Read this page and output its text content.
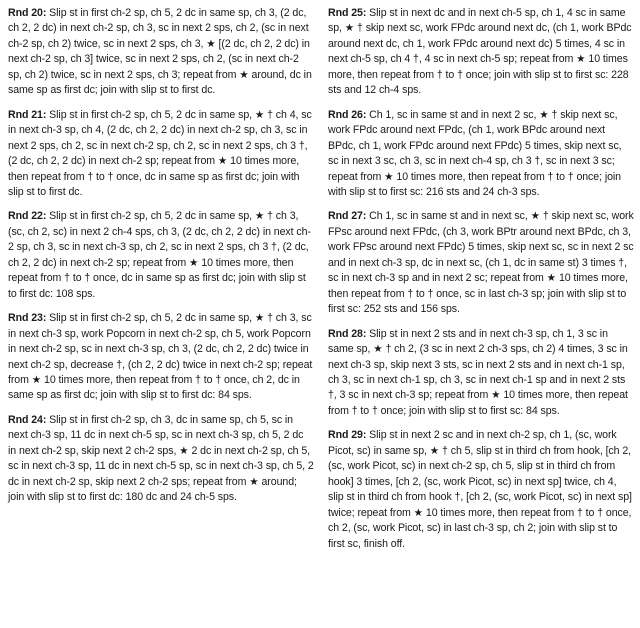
Rnd 20: Slip st in first ch-2 sp, ch 5, 2 dc in same sp, ch 3, (2 dc, ch 2, 2 dc) in next ch-2 sp, ch 3, sc in next 2 sps, ch 2, (sc in next ch-2 sp, ch 2) twice, sc in next 2 sps, ch 3, ★ [(2 dc, ch 2, 2 dc) in next ch-2 sp, ch 3] twice, sc in next 2 sps, ch 2, (sc in next ch-2 sp, ch 2) twice, sc in next 2 sps, ch 3; repeat from ★ around, dc in same sp as first dc; join with slip st to first dc.

Rnd 21: Slip st in first ch-2 sp, ch 5, 2 dc in same sp, ★ † ch 4, sc in next ch-3 sp, ch 4, (2 dc, ch 2, 2 dc) in next ch-2 sp, ch 3, sc in next 2 sps, ch 2, sc in next ch-2 sp, ch 2, sc in next 2 sps, ch 3 †, (2 dc, ch 2, 2 dc) in next ch-2 sp; repeat from ★ 10 times more, then repeat from † to † once, dc in same sp as first dc; join with slip st to first dc.

Rnd 22: Slip st in first ch-2 sp, ch 5, 2 dc in same sp, ★ † ch 3, (sc, ch 2, sc) in next 2 ch-4 sps, ch 3, (2 dc, ch 2, 2 dc) in next ch-2 sp, ch 3, sc in next ch-3 sp, ch 2, sc in next 2 sps, ch 3 †, (2 dc, ch 2, 2 dc) in next ch-2 sp; repeat from ★ 10 times more, then repeat from † to † once, dc in same sp as first dc; join with slip st to first dc: 108 sps.

Rnd 23: Slip st in first ch-2 sp, ch 5, 2 dc in same sp, ★ † ch 3, sc in next ch-3 sp, work Popcorn in next ch-2 sp, ch 5, work Popcorn in next ch-2 sp, sc in next ch-3 sp, ch 3, (2 dc, ch 2, 2 dc) twice in next ch-2 sp, decrease †, (ch 2, 2 dc) twice in next ch-2 sp; repeat from ★ 10 times more, then repeat from † to † once, ch 2, dc in same sp as first dc; join with slip st to first dc: 84 sps.

Rnd 24: Slip st in first ch-2 sp, ch 3, dc in same sp, ch 5, sc in next ch-3 sp, 11 dc in next ch-5 sp, sc in next ch-3 sp, ch 5, 2 dc in next ch-2 sp, skip next 2 ch-2 sps, ★ 2 dc in next ch-2 sp, ch 5, sc in next ch-3 sp, 11 dc in next ch-5 sp, sc in next ch-3 sp, ch 5, 2 dc in next ch-2 sp, skip next 2 ch-2 sps; repeat from ★ around; join with slip st to first dc: 180 dc and 24 ch-5 sps.

Rnd 25: Slip st in next dc and in next ch-5 sp, ch 1, 4 sc in same sp, ★ † skip next sc, work FPdc around next dc, (ch 1, work BPdc around next dc, ch 1, work FPdc around next dc) 5 times, 4 sc in next ch-5 sp, ch 4 †, 4 sc in next ch-5 sp; repeat from ★ 10 times more, then repeat from † to † once; join with slip st to first sc: 228 sts and 12 ch-4 sps.

Rnd 26: Ch 1, sc in same st and in next 2 sc, ★ † skip next sc, work FPdc around next FPdc, (ch 1, work BPdc around next BPdc, ch 1, work FPdc around next FPdc) 5 times, skip next sc, sc in next 3 sc, ch 3, sc in next ch-4 sp, ch 3 †, sc in next 3 sc; repeat from ★ 10 times more, then repeat from † to † once; join with slip st to first sc: 216 sts and 24 ch-3 sps.

Rnd 27: Ch 1, sc in same st and in next sc, ★ † skip next sc, work FPsc around next FPdc, (ch 3, work BPtr around next BPdc, ch 3, work FPsc around next FPdc) 5 times, skip next sc, sc in next 2 sc and in next ch-3 sp, dc in next sc, (ch 1, dc in same st) 3 times †, sc in next ch-3 sp and in next 2 sc; repeat from ★ 10 times more, then repeat from † to † once, sc in last ch-3 sp; join with slip st to first sc: 252 sts and 156 sps.

Rnd 28: Slip st in next 2 sts and in next ch-3 sp, ch 1, 3 sc in same sp, ★ † ch 2, (3 sc in next 2 ch-3 sps, ch 2) 4 times, 3 sc in next ch-3 sp, skip next 3 sts, sc in next 2 sts and in next ch-1 sp, ch 3, sc in next ch-1 sp, ch 3, sc in next ch-1 sp and in next 2 sts †, 3 sc in next ch-3 sp; repeat from ★ 10 times more, then repeat from † to † once; join with slip st to first sc: 84 sps.

Rnd 29: Slip st in next 2 sc and in next ch-2 sp, ch 1, (sc, work Picot, sc) in same sp, ★ † ch 5, slip st in third ch from hook, [ch 2, (sc, work Picot, sc) in next ch-2 sp, ch 5, slip st in third ch from hook] 3 times, [ch 2, (sc, work Picot, sc) in next sp] twice, ch 4, slip st in third ch from hook †, [ch 2, (sc, work Picot, sc) in next sp] twice; repeat from ★ 10 times more, then repeat from † to † once, ch 2, (sc, work Picot, sc) in last ch-3 sp, ch 2; join with slip st to first sc, finish off.
